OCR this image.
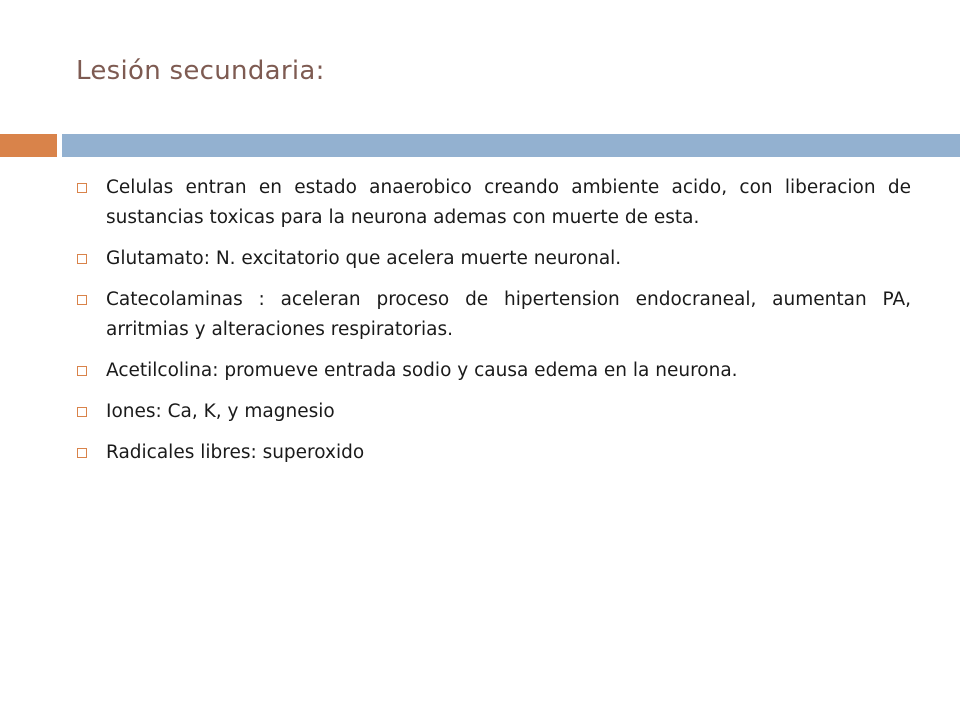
Lesión secundaria:
Celulas entran en estado anaerobico creando ambiente acido, con liberacion de sustancias toxicas para la neurona ademas con muerte de esta.
Glutamato: N. excitatorio que acelera muerte neuronal.
Catecolaminas : aceleran proceso de hipertension endocraneal, aumentan PA, arritmias y alteraciones respiratorias.
Acetilcolina: promueve entrada sodio y causa edema en la neurona.
Iones: Ca, K, y magnesio
Radicales libres: superoxido
